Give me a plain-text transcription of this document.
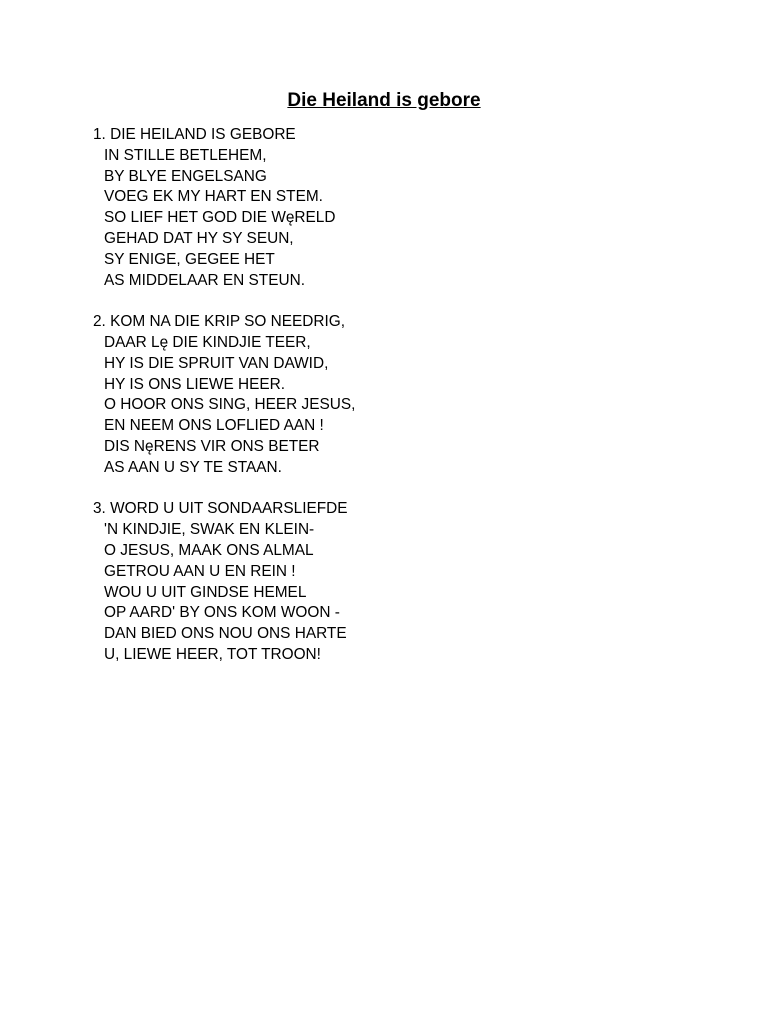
Die Heiland is gebore
1. DIE HEILAND IS GEBORE
IN STILLE BETLEHEM,
BY BLYE ENGELSANG
VOEG EK MY HART EN STEM.
SO LIEF HET GOD DIE WęRELD
GEHAD DAT HY SY SEUN,
SY ENIGE, GEGEE HET
AS MIDDELAAR EN STEUN.
2. KOM NA DIE KRIP SO NEEDRIG,
DAAR Lę DIE KINDJIE TEER,
HY IS DIE SPRUIT VAN DAWID,
HY IS ONS LIEWE HEER.
O HOOR ONS SING, HEER JESUS,
EN NEEM ONS LOFLIED AAN !
DIS NęRENS VIR ONS BETER
AS AAN U SY TE STAAN.
3. WORD U UIT SONDAARSLIEFDE
'N KINDJIE, SWAK EN KLEIN-
O JESUS, MAAK ONS ALMAL
GETROU AAN U EN REIN !
WOU U UIT GINDSE HEMEL
OP AARD' BY ONS KOM WOON -
DAN BIED ONS NOU ONS HARTE
U, LIEWE HEER, TOT TROON!
